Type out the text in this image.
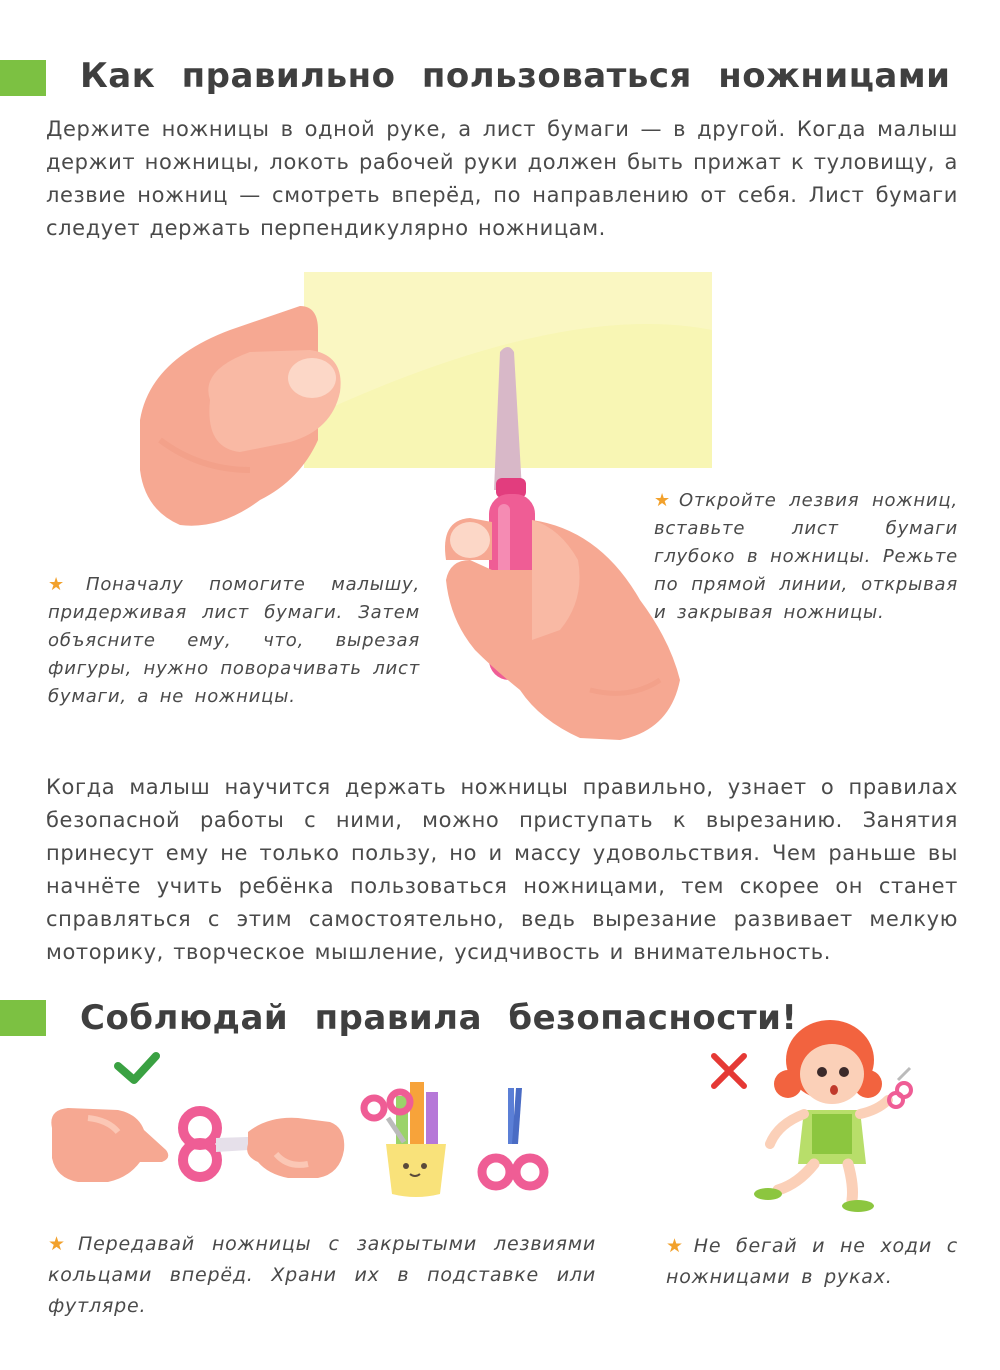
Как правильно пользоваться ножницами
Держите ножницы в одной руке, а лист бумаги — в другой. Когда малыш держит ножницы, локоть рабочей руки должен быть прижат к туловищу, а лезвие ножниц — смотреть вперёд, по направлению от себя. Лист бумаги следует держать перпендикулярно ножницам.
★ Откройте лезвия ножниц, вставьте лист бумаги глубоко в ножницы. Режьте по прямой линии, открывая и закрывая ножницы.
★ Поначалу помогите малышу, придерживая лист бумаги. Затем объясните ему, что, вырезая фигуры, нужно поворачивать лист бумаги, а не ножницы.
Когда малыш научится держать ножницы правильно, узнает о правилах безопасной работы с ними, можно приступать к вырезанию. Занятия принесут ему не только пользу, но и массу удовольствия. Чем раньше вы начнёте учить ребёнка пользоваться ножницами, тем скорее он станет справляться с этим самостоятельно, ведь вырезание развивает мелкую моторику, творческое мышление, усидчивость и внимательность.
Соблюдай правила безопасности!
★ Передавай ножницы с закрытыми лезвиями кольцами вперёд. Храни их в подставке или футляре.
★ Не бегай и не ходи с ножницами в руках.
